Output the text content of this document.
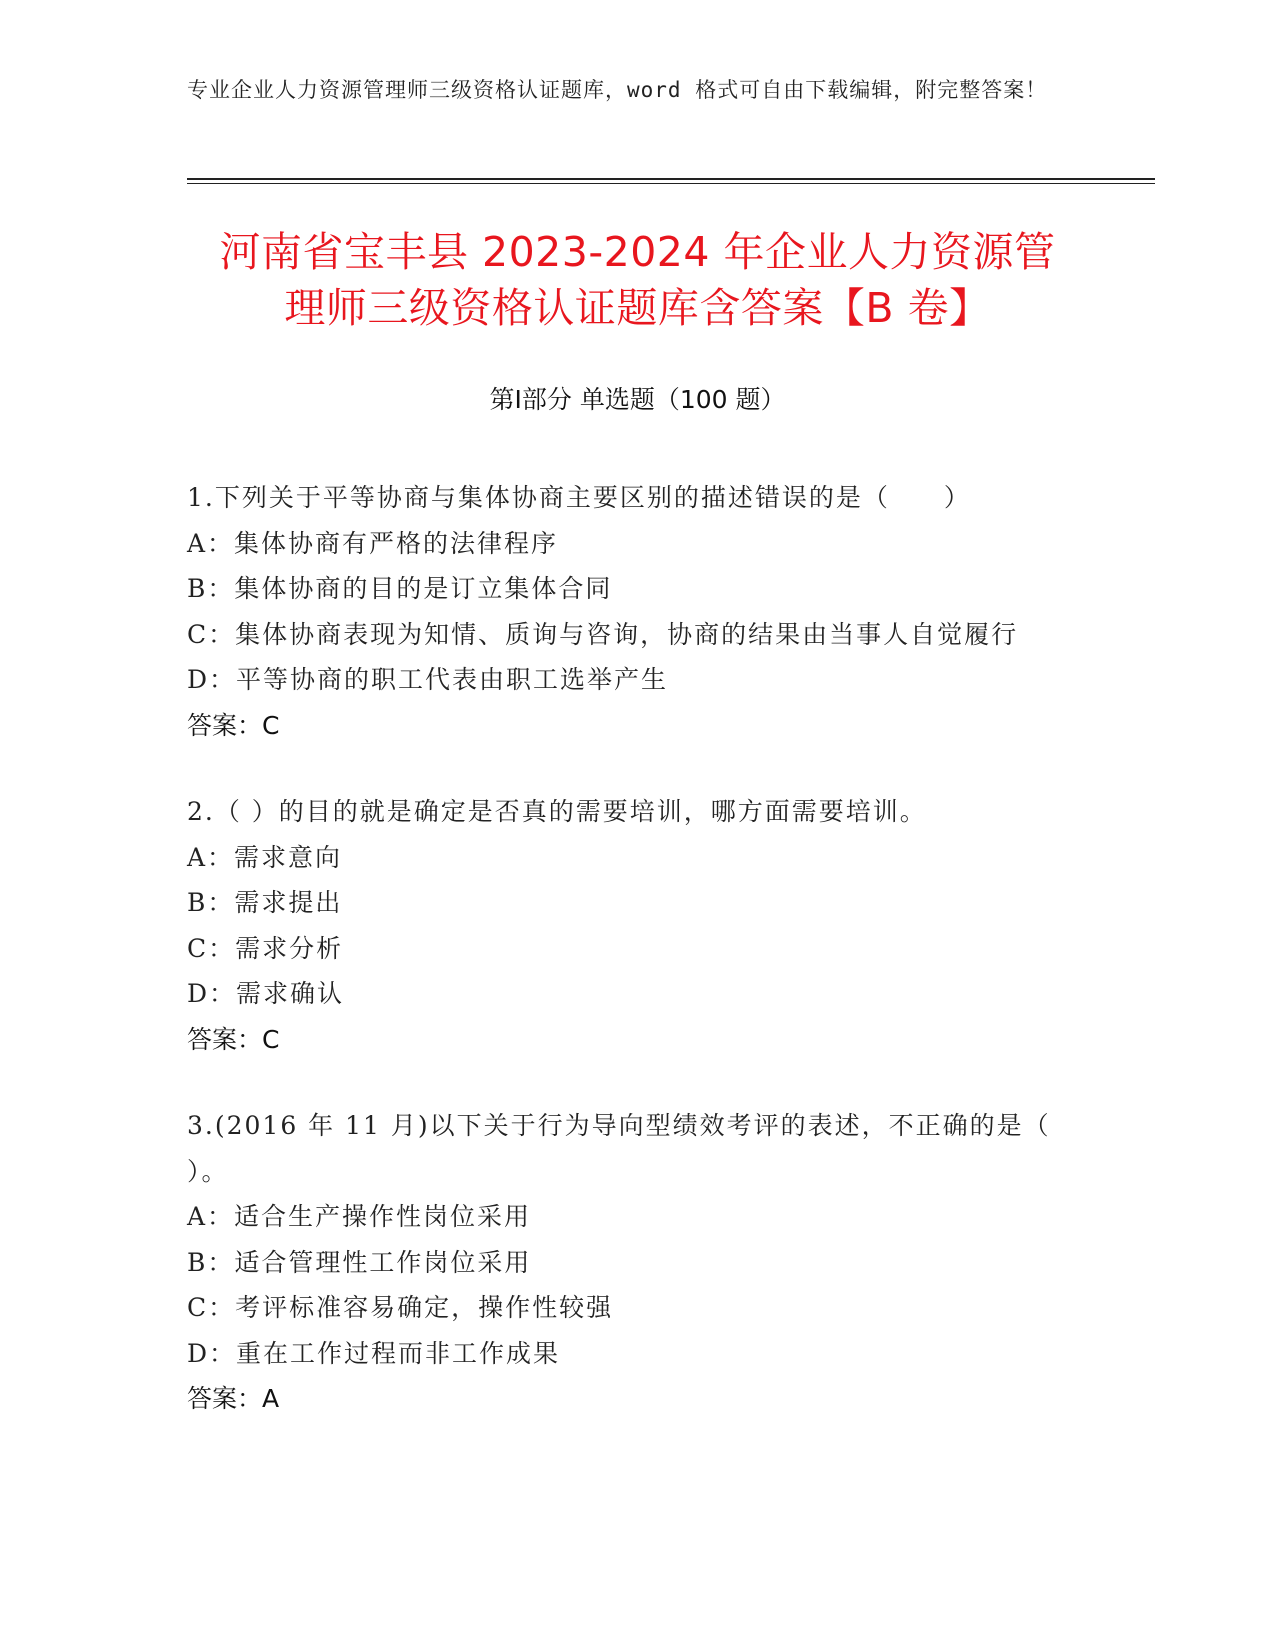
专业企业人力资源管理师三级资格认证题库，word 格式可自由下载编辑，附完整答案！
河南省宝丰县 2023-2024 年企业人力资源管
理师三级资格认证题库含答案【B 卷】
第Ⅰ部分 单选题（100 题）
1.下列关于平等协商与集体协商主要区别的描述错误的是（　　）
A：集体协商有严格的法律程序
B：集体协商的目的是订立集体合同
C：集体协商表现为知情、质询与咨询，协商的结果由当事人自觉履行
D：平等协商的职工代表由职工选举产生
答案：C
2.（ ）的目的就是确定是否真的需要培训，哪方面需要培训。
A：需求意向
B：需求提出
C：需求分析
D：需求确认
答案：C
3.(2016 年 11 月)以下关于行为导向型绩效考评的表述，不正确的是（ ）。
A：适合生产操作性岗位采用
B：适合管理性工作岗位采用
C：考评标准容易确定，操作性较强
D：重在工作过程而非工作成果
答案：A
